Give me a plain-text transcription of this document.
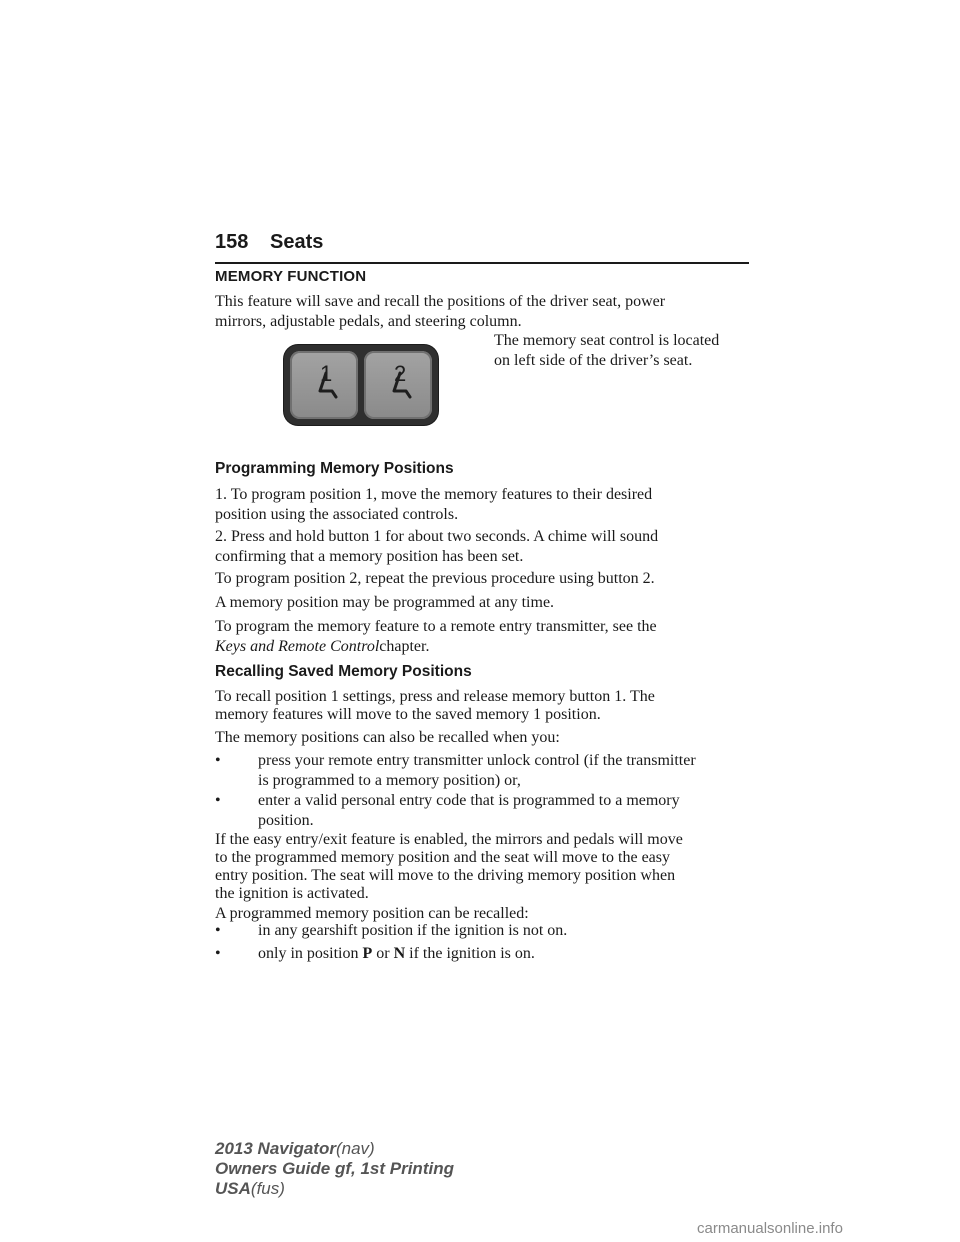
158 Seats
MEMORY FUNCTION
This feature will save and recall the positions of the driver seat, power
mirrors, adjustable pedals, and steering column.
1	2
The memory seat control is located
on left side of the driver’s seat.
Programming Memory Positions
1. To program position 1, move the memory features to their desired
position using the associated controls.
2. Press and hold button 1 for about two seconds. A chime will sound
confirming that a memory position has been set.
To program position 2, repeat the previous procedure using button 2.
A memory position may be programmed at any time.
To program the memory feature to a remote entry transmitter, see the
Keys and Remote Controlchapter.
Recalling Saved Memory Positions
To recall position 1 settings, press and release memory button 1. The
memory features will move to the saved memory 1 position.
The memory positions can also be recalled when you:
•	press your remote entry transmitter unlock control (if the transmitter
is programmed to a memory position) or,
•	enter a valid personal entry code that is programmed to a memory
position.
If the easy entry/exit feature is enabled, the mirrors and pedals will move
to the programmed memory position and the seat will move to the easy
entry position. The seat will move to the driving memory position when
the ignition is activated.
A programmed memory position can be recalled:
•	in any gearshift position if the ignition is not on.
•	only in position P or N if the ignition is on.
2013 Navigator(nav)
Owners Guide gf, 1st Printing
USA(fus)
carmanualsonline.info
